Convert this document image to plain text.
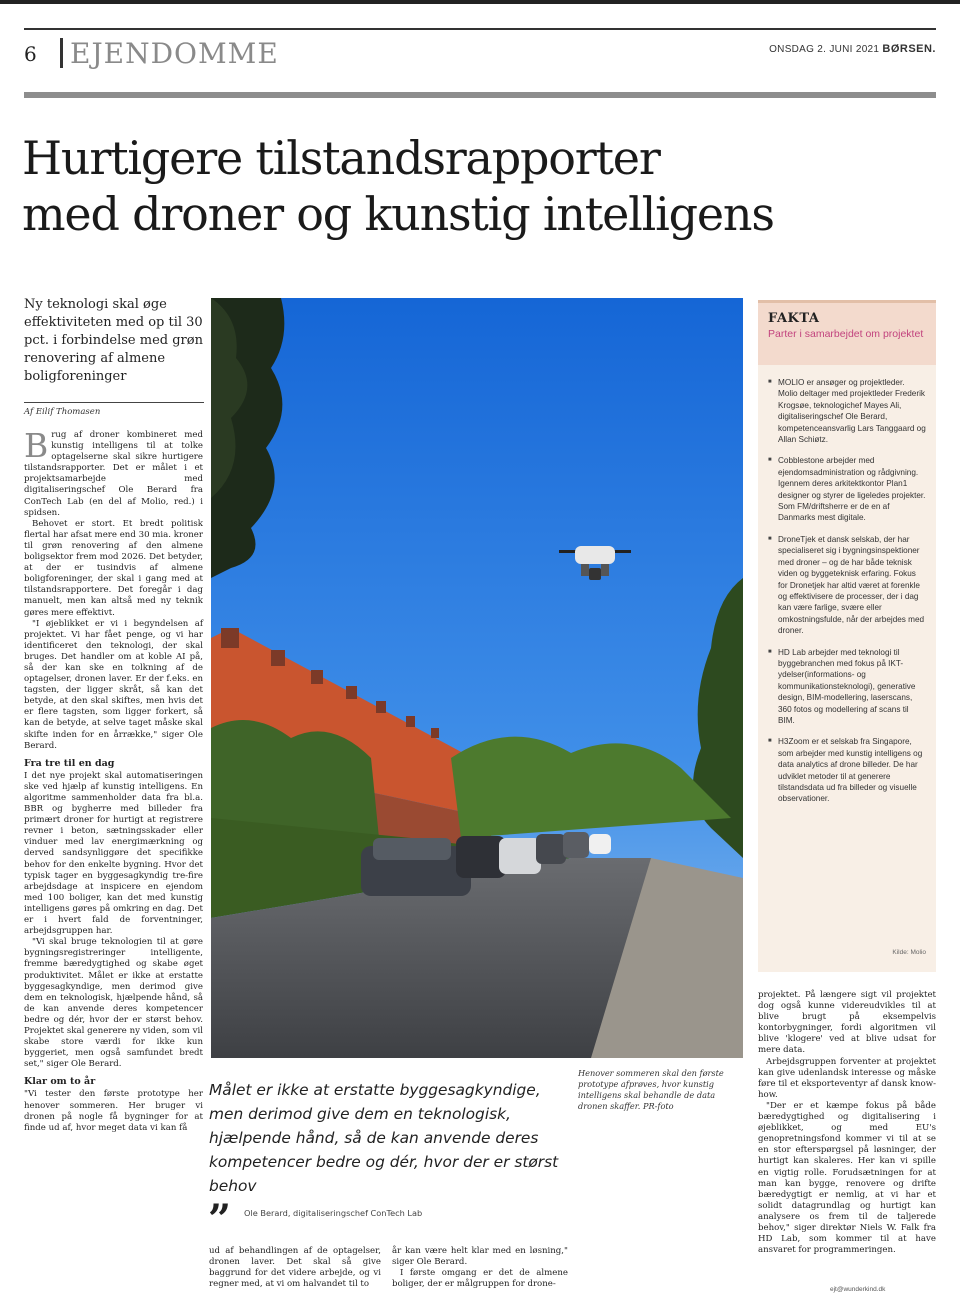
6 EJENDOMME	ONSDAG 2. JUNI 2021 BØRSEN.
Hurtigere tilstandsrapporter
med droner og kunstig intelligens
Ny teknologi skal øge effektiviteten med op til 30 pct. i forbindelse med grøn renovering af almene boligforeninger
Af Eilif Thomasen

Brug af droner kombineret med kunstig intelligens til at tolke optagelserne skal sikre hurtigere tilstandsrapporter. Det er målet i et projektsamarbejde med digitaliseringschef Ole Berard fra ConTech Lab (en del af Molio, red.) i spidsen.

Behovet er stort. Et bredt politisk flertal har afsat mere end 30 mia. kroner til grøn renovering af den almene boligsektor frem mod 2026. Det betyder, at der er tusindvis af almene boligforeninger, der skal i gang med at tilstandsrapportere. Det foregår i dag manuelt, men kan altså med ny teknik gøres mere effektivt.

"I øjeblikket er vi i begyndelsen af projektet. Vi har fået penge, og vi har identificeret den teknologi, der skal bruges. Det handler om at koble AI på, så der kan ske en tolkning af de optagelser, dronen laver. Er der f.eks. en tagsten, der ligger skråt, så kan det betyde, at den skal skiftes, men hvis det er flere tagsten, som ligger forkert, så kan de betyde, at selve taget måske skal skifte inden for en årrække," siger Ole Berard.

Fra tre til en dag

I det nye projekt skal automatiseringen ske ved hjælp af kunstig intelligens. En algoritme sammenholder data fra bl.a. BBR og bygherre med billeder fra primært droner for hurtigt at registrere revner i beton, sætningsskader eller vinduer med lav energimærkning og derved sandsynliggøre det specifikke behov for den enkelte bygning. Hvor det typisk tager en byggesagkyndig tre-fire arbejdsdage at inspicere en ejendom med 100 boliger, kan det med kunstig intelligens gøres på omkring en dag. Det er i hvert fald de forventninger, arbejdsgruppen har.

"Vi skal bruge teknologien til at gøre bygningsregistreringer intelligente, fremme bæredygtighed og skabe øget produktivitet. Målet er ikke at erstatte byggesagkyndige, men derimod give dem en teknologisk, hjælpende hånd, så de kan anvende deres kompetencer bedre og dér, hvor der er størst behov. Projektet skal generere ny viden, som vil skabe store værdi for ikke kun byggeriet, men også samfundet bredt set," siger Ole Berard.

Klar om to år

"Vi tester den første prototype her henover sommeren. Her bruger vi dronen på nogle få bygninger for at finde ud af, hvor meget data vi kan få

Henover sommeren skal den første prototype afprøves, hvor kunstig intelligens skal behandle de data dronen skaffer. PR-foto
Målet er ikke at erstatte byggesagkyndige, men derimod give dem en teknologisk, hjælpende hånd, så de kan anvende deres kompetencer bedre og dér, hvor der er størst behov
” Ole Berard, digitaliseringschef ConTech Lab

ud af behandlingen af de optagelser, dronen laver. Det skal så give baggrund for det videre arbejde, og vi regner med, at vi om halvandet til to

år kan være helt klar med en løsning," siger Ole Berard.

I første omgang er det de almene boliger, der er målgruppen for drone-

FAKTA
Parter i samarbejdet om projektet
■ MOLIO er ansøger og projektleder. Molio deltager med projektleder Frederik Krogsøe, teknologichef Mayes Ali, digitaliseringschef Ole Berard, kompetenceansvarlig Lars Tanggaard og Allan Schiøtz.
■ Cobblestone arbejder med ejendomsadministration og rådgivning. Igennem deres arkitektkontor Plan1 designer og styrer de ligeledes projekter. Som FM/driftsherre er de en af Danmarks mest digitale.
■ DroneTjek et dansk selskab, der har specialiseret sig i bygningsinspektioner med droner – og de har både teknisk viden og byggeteknisk erfaring. Fokus for Dronetjek har altid været at forenkle og effektivisere de processer, der i dag kan være farlige, svære eller omkostningsfulde, når der arbejdes med droner.
■ HD Lab arbejder med teknologi til byggebranchen med fokus på IKT-ydelser(informations- og kommunikationsteknologi), generative design, BIM-modellering, laserscans, 360 fotos og modellering af scans til BIM.
■ H3Zoom er et selskab fra Singapore, som arbejder med kunstig intelligens og data analytics af drone billeder. De har udviklet metoder til at generere tilstandsdata ud fra billeder og visuelle observationer.
Kilde: Molio

projektet. På længere sigt vil projektet dog også kunne videreudvikles til at blive brugt på eksempelvis kontorbygninger, fordi algoritmen vil blive 'klogere' ved at blive udsat for mere data.

Arbejdsgruppen forventer at projektet kan give udenlandsk interesse og måske føre til et eksporteventyr af dansk know-how.

"Der er et kæmpe fokus på både bæredygtighed og digitalisering i øjeblikket, og med EU's genopretningsfond kommer vi til at se en stor efterspørgsel på løsninger, der hurtigt kan skaleres. Her kan vi spille en vigtig rolle. Forudsætningen for at man kan bygge, renovere og drifte bæredygtigt er nemlig, at vi har et solidt datagrundlag og hurtigt kan analysere os frem til de taljerede behov," siger direktør Niels W. Falk fra HD Lab, som kommer til at have ansvaret for programmeringen.

ejt@wunderkind.dk
